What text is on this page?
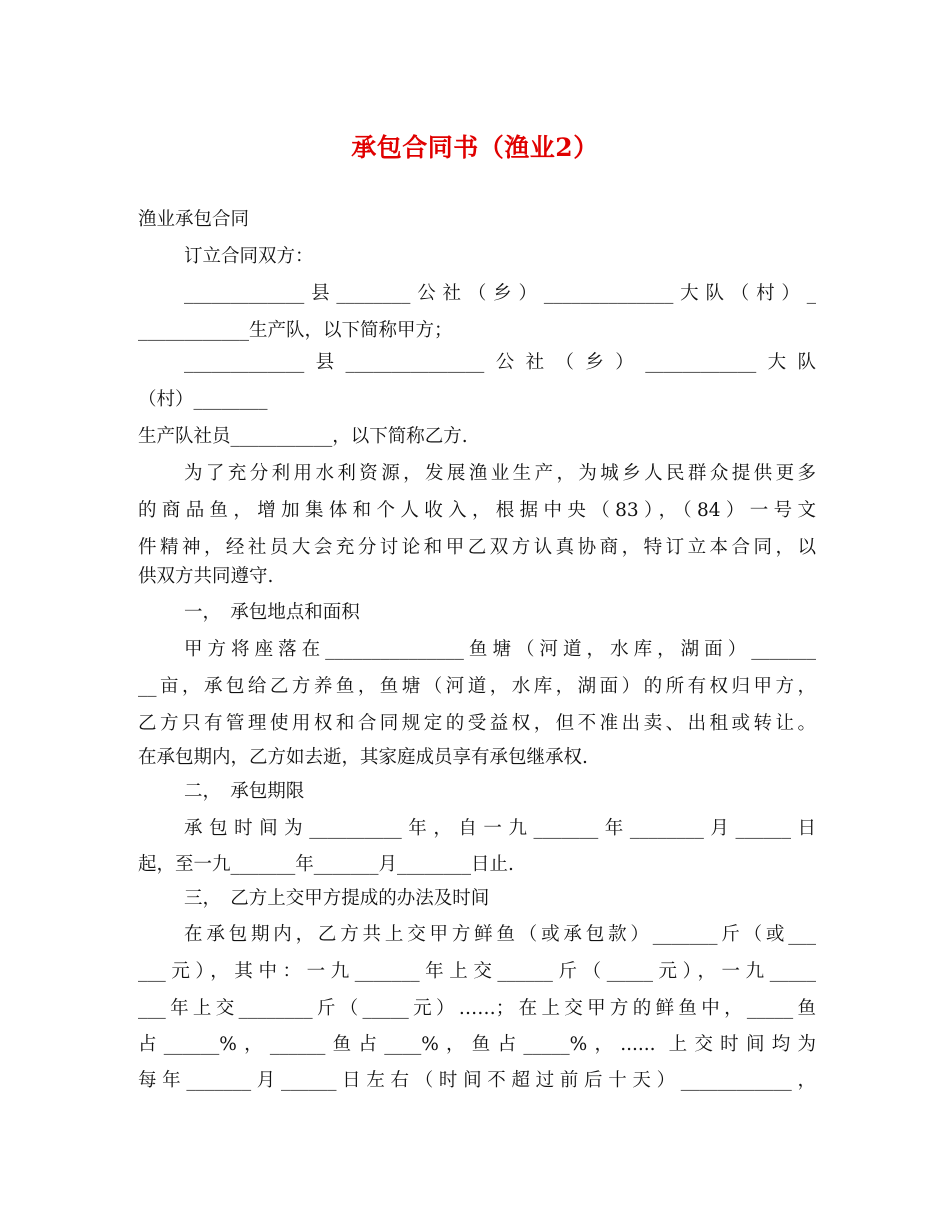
承包合同书（渔业2）
渔业承包合同
订立合同双方：
_____________县________公社（乡）______________大队（村）_
____________生产队，以下简称甲方；
_____________县_______________公社（乡）____________大队
（村）________
生产队社员___________，以下简称乙方.
为了充分利用水利资源，发展渔业生产，为城乡人民群众提供更多
的商品鱼，增加集体和个人收入，根据中央（83），（84）一号文
件精神，经社员大会充分讨论和甲乙双方认真协商，特订立本合同，以
供双方共同遵守.
一，　承包地点和面积
甲方将座落在_______________鱼塘（河道，水库，湖面）_______
__亩，承包给乙方养鱼，鱼塘（河道，水库，湖面）的所有权归甲方，
乙方只有管理使用权和合同规定的受益权，但不准出卖、出租或转让。
在承包期内，乙方如去逝，其家庭成员享有承包继承权.
二，　承包期限
承包时间为__________年，自一九_______年________月______日
起，至一九_______年_______月________日止.
三，　乙方上交甲方提成的办法及时间
在承包期内，乙方共上交甲方鲜鱼（或承包款）_______斤（或___
___元），其中：一九_______年上交______斤（_____元），一九_____
___年上交________斤（_____元）……；在上交甲方的鲜鱼中，_____鱼
占______%，______鱼占____%，鱼占_____%，...... 上交时间均为
每年_______月______日左右（时间不超过前后十天）____________，
